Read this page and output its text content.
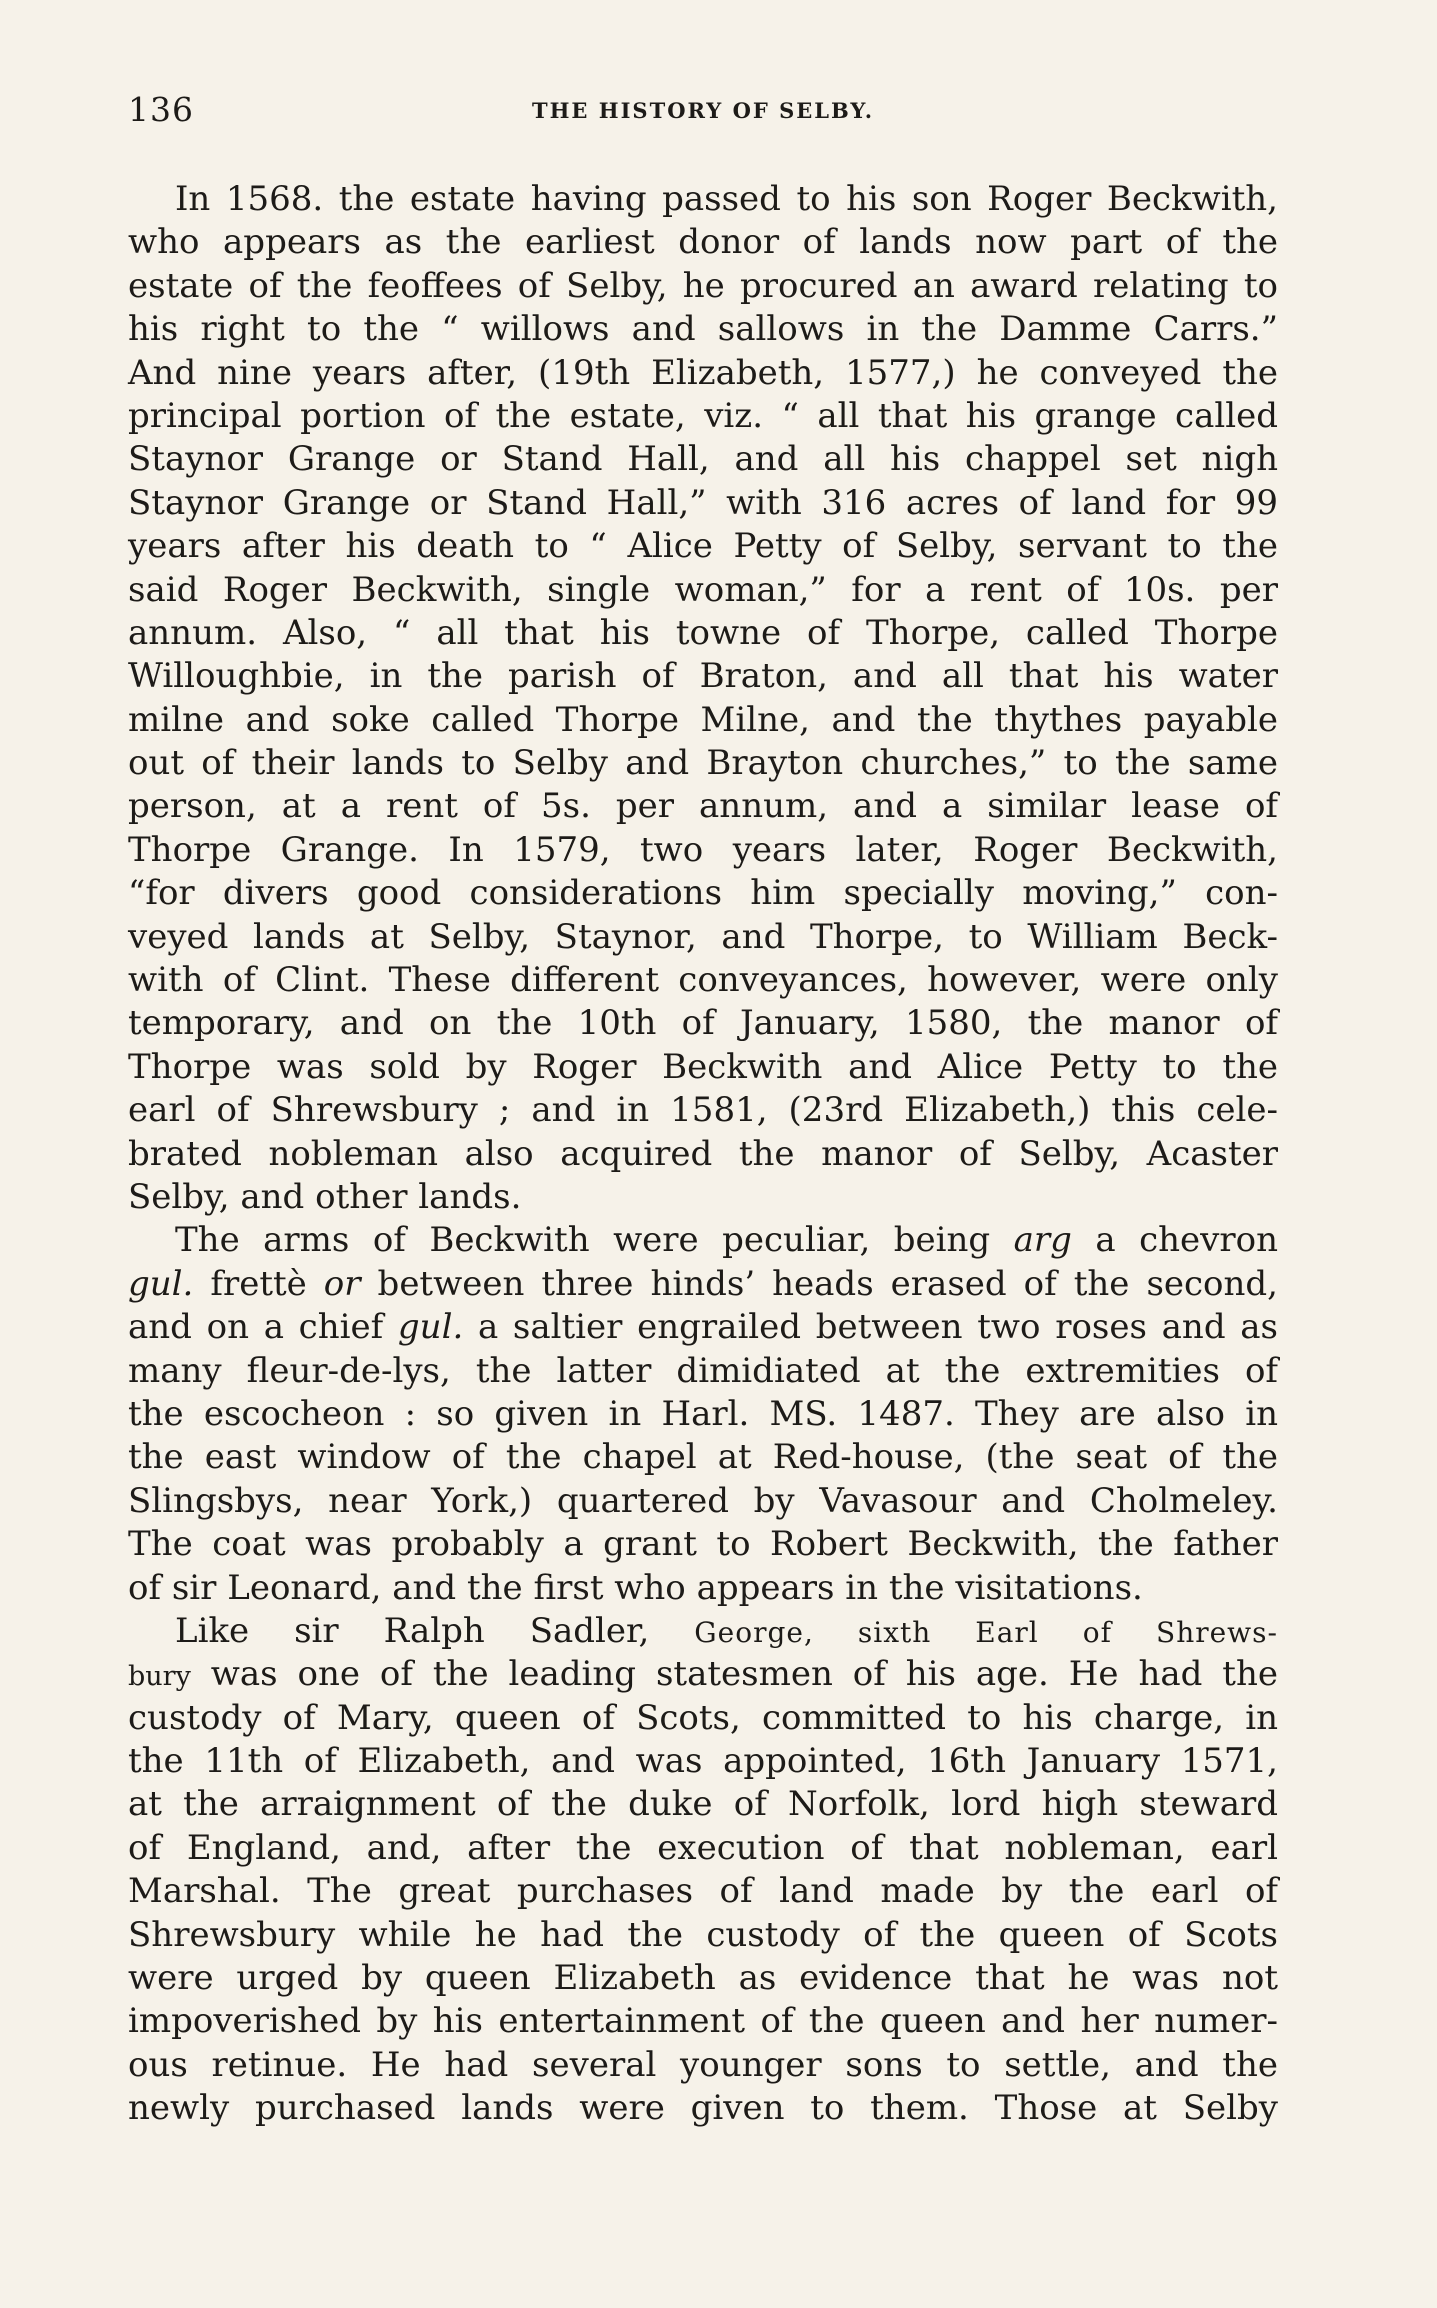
136	THE HISTORY OF SELBY.
In 1568. the estate having passed to his son Roger Beckwith,
who appears as the earliest donor of lands now part of the
estate of the feoffees of Selby, he procured an award relating to
his right to the “ willows and sallows in the Damme Carrs.”
And nine years after, (19th Elizabeth, 1577,) he conveyed the
principal portion of the estate, viz. “ all that his grange called
Staynor Grange or Stand Hall, and all his chappel set nigh
Staynor Grange or Stand Hall,” with 316 acres of land for 99
years after his death to “ Alice Petty of Selby, servant to the
said Roger Beckwith, single woman,” for a rent of 10s. per
annum. Also, “ all that his towne of Thorpe, called Thorpe
Willoughbie, in the parish of Braton, and all that his water
milne and soke called Thorpe Milne, and the thythes payable
out of their lands to Selby and Brayton churches,” to the same
person, at a rent of 5s. per annum, and a similar lease of
Thorpe Grange. In 1579, two years later, Roger Beckwith,
“for divers good considerations him specially moving,” con-
veyed lands at Selby, Staynor, and Thorpe, to William Beck-
with of Clint. These different conveyances, however, were only
temporary, and on the 10th of January, 1580, the manor of
Thorpe was sold by Roger Beckwith and Alice Petty to the
earl of Shrewsbury ; and in 1581, (23rd Elizabeth,) this cele-
brated nobleman also acquired the manor of Selby, Acaster
Selby, and other lands.
The arms of Beckwith were peculiar, being arg a chevron
gul. frettè or between three hinds’ heads erased of the second,
and on a chief gul. a saltier engrailed between two roses and as
many fleur-de-lys, the latter dimidiated at the extremities of
the escocheon : so given in Harl. MS. 1487. They are also in
the east window of the chapel at Red-house, (the seat of the
Slingsbys, near York,) quartered by Vavasour and Cholmeley.
The coat was probably a grant to Robert Beckwith, the father
of sir Leonard, and the first who appears in the visitations.
Like sir Ralph Sadler, George, sixth Earl of Shrews-
bury was one of the leading statesmen of his age. He had the
custody of Mary, queen of Scots, committed to his charge, in
the 11th of Elizabeth, and was appointed, 16th January 1571,
at the arraignment of the duke of Norfolk, lord high steward
of England, and, after the execution of that nobleman, earl
Marshal. The great purchases of land made by the earl of
Shrewsbury while he had the custody of the queen of Scots
were urged by queen Elizabeth as evidence that he was not
impoverished by his entertainment of the queen and her numer-
ous retinue. He had several younger sons to settle, and the
newly purchased lands were given to them. Those at Selby
